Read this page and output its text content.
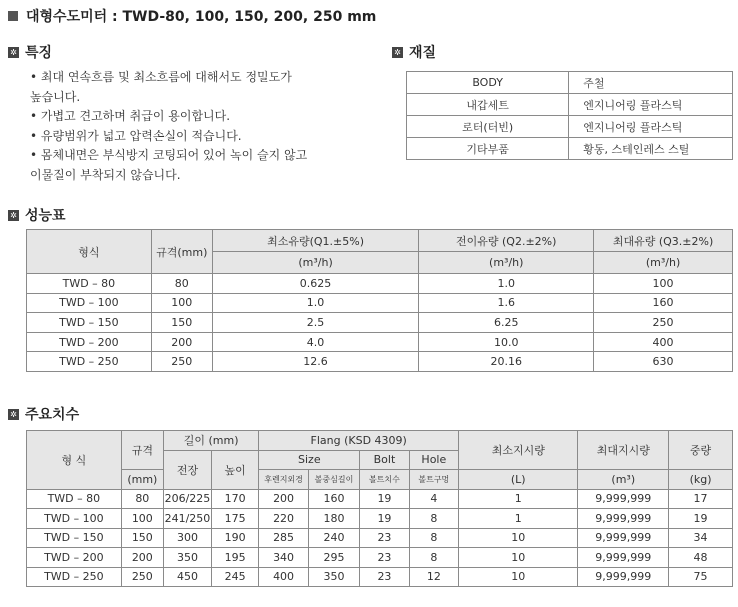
대형수도미터 : TWD-80, 100, 150, 200, 250 mm
✲ 특징
• 최대 연속흐름 및 최소흐름에 대해서도 정밀도가
높습니다.
• 가볍고 견고하며 취급이 용이합니다.
• 유량범위가 넓고 압력손실이 적습니다.
• 몸체내면은 부식방지 코팅되어 있어 녹이 슬지 않고
이물질이 부착되지 않습니다.
✲ 재질
BODY	주철
내갑세트	엔지니어링 플라스틱
로터(터빈)	엔지니어링 플라스틱
기타부품	황동, 스테인레스 스틸
✲ 성능표
형식	규격(mm)	최소유량(Q1.±5%)	전이유량 (Q2.±2%)	최대유량 (Q3.±2%)
		(m³/h)	(m³/h)	(m³/h)
TWD – 80	80	0.625	1.0	100
TWD – 100	100	1.0	1.6	160
TWD – 150	150	2.5	6.25	250
TWD – 200	200	4.0	10.0	400
TWD – 250	250	12.6	20.16	630
✲ 주요치수
형 식	규격	길이 (mm)		Flang (KSD 4309)				최소지시량	최대지시량	중량
		전장	높이	Size		Bolt	Hole			
	(mm)			후렌지외경	볼중심길이	볼트치수	볼트구멍	(L)	(m³)	(kg)
TWD – 80	80	206/225	170	200	160	19	4	1	9,999,999	17
TWD – 100	100	241/250	175	220	180	19	8	1	9,999,999	19
TWD – 150	150	300	190	285	240	23	8	10	9,999,999	34
TWD – 200	200	350	195	340	295	23	8	10	9,999,999	48
TWD – 250	250	450	245	400	350	23	12	10	9,999,999	75
